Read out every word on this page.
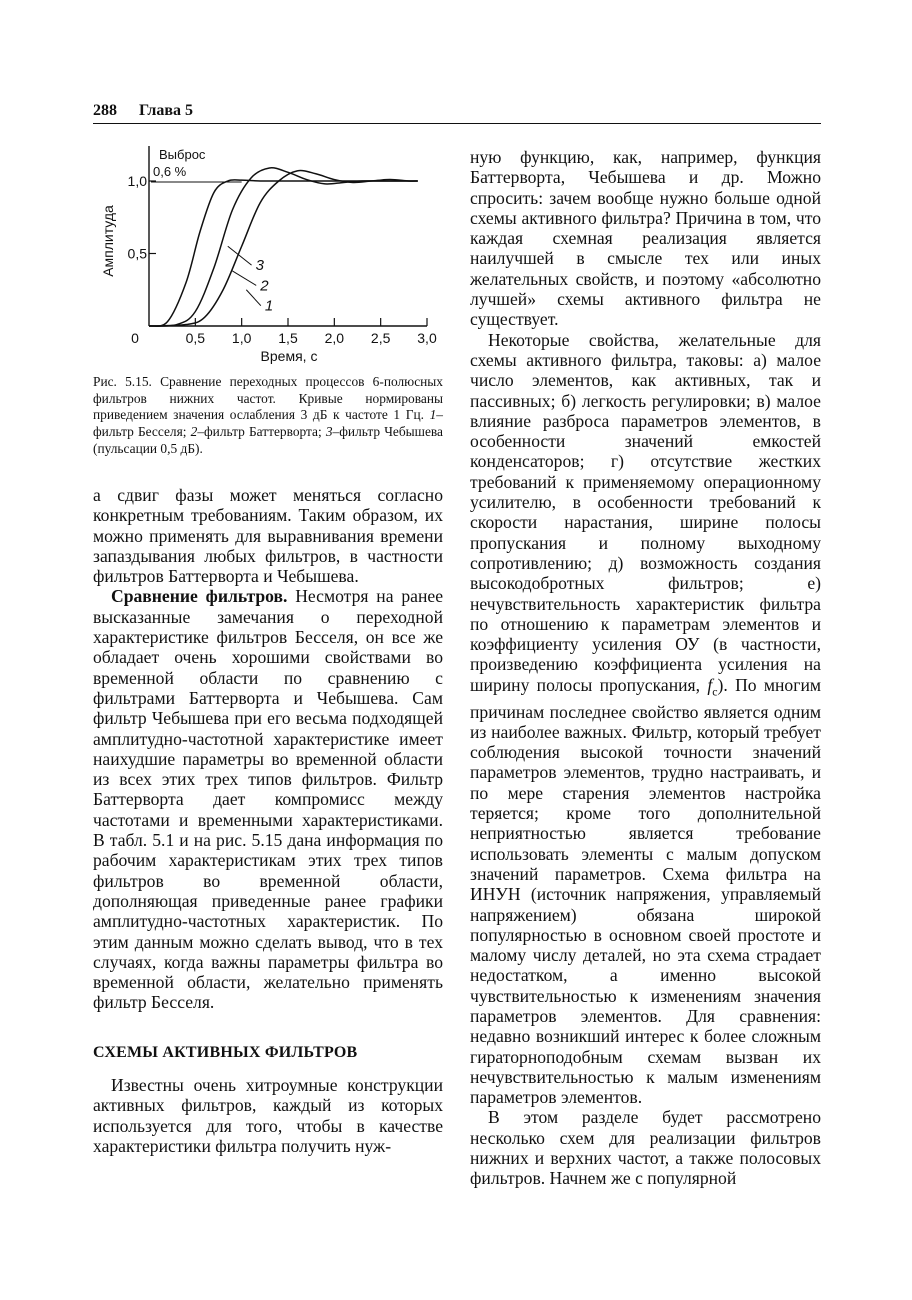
288 Глава 5
0	0,5 1,0 1,5 2,0 2,5 3,0
0,5
1,0
1
2
3
Амплитуда
Время, с
Выброс
0,6 %
Рис. 5.15. Сравнение переходных процессов 6-полюсных фильтров нижних частот. Кривые нормированы приведением значения ослабления 3 дБ к частоте 1 Гц. 1–фильтр Бесселя; 2–фильтр Баттерворта; 3–фильтр Чебышева (пульсации 0,5 дБ).

а сдвиг фазы может меняться согласно конкретным требованиям. Таким образом, их можно применять для выравнивания времени запаздывания любых фильтров, в частности фильтров Баттерворта и Чебышева.

Сравнение фильтров. Несмотря на ранее высказанные замечания о переходной характеристике фильтров Бесселя, он все же обладает очень хорошими свойствами во временной области по сравнению с фильтрами Баттерворта и Чебышева. Сам фильтр Чебышева при его весьма подходящей амплитудно-частотной характеристике имеет наихудшие параметры во временной области из всех этих трех типов фильтров. Фильтр Баттерворта дает компромисс между частотами и временными характеристиками. В табл. 5.1 и на рис. 5.15 дана информация по рабочим характеристикам этих трех типов фильтров во временной области, дополняющая приведенные ранее графики амплитудно-частотных характеристик. По этим данным можно сделать вывод, что в тех случаях, когда важны параметры фильтра во временной области, желательно применять фильтр Бесселя.

СХЕМЫ АКТИВНЫХ ФИЛЬТРОВ

Известны очень хитроумные конструкции активных фильтров, каждый из которых используется для того, чтобы в качестве характеристики фильтра получить нуж-

ную функцию, как, например, функция Баттерворта, Чебышева и др. Можно спросить: зачем вообще нужно больше одной схемы активного фильтра? Причина в том, что каждая схемная реализация является наилучшей в смысле тех или иных желательных свойств, и поэтому «абсолютно лучшей» схемы активного фильтра не существует.

Некоторые свойства, желательные для схемы активного фильтра, таковы: а) малое число элементов, как активных, так и пассивных; б) легкость регулировки; в) малое влияние разброса параметров элементов, в особенности значений емкостей конденсаторов; г) отсутствие жестких требований к применяемому операционному усилителю, в особенности требований к скорости нарастания, ширине полосы пропускания и полному выходному сопротивлению; д) возможность создания высокодобротных фильтров; е) нечувствительность характеристик фильтра по отношению к параметрам элементов и коэффициенту усиления ОУ (в частности, произведению коэффициента усиления на ширину полосы пропускания, $f_c$). По многим причинам последнее свойство является одним из наиболее важных. Фильтр, который требует соблюдения высокой точности значений параметров элементов, трудно настраивать, и по мере старения элементов настройка теряется; кроме того дополнительной неприятностью является требование использовать элементы с малым допуском значений параметров. Схема фильтра на ИНУН (источник напряжения, управляемый напряжением) обязана широкой популярностью в основном своей простоте и малому числу деталей, но эта схема страдает недостатком, а именно высокой чувствительностью к изменениям значения параметров элементов. Для сравнения: недавно возникший интерес к более сложным гираторноподобным схемам вызван их нечувствительностью к малым изменениям параметров элементов.

В этом разделе будет рассмотрено несколько схем для реализации фильтров нижних и верхних частот, а также полосовых фильтров. Начнем же с популярной
